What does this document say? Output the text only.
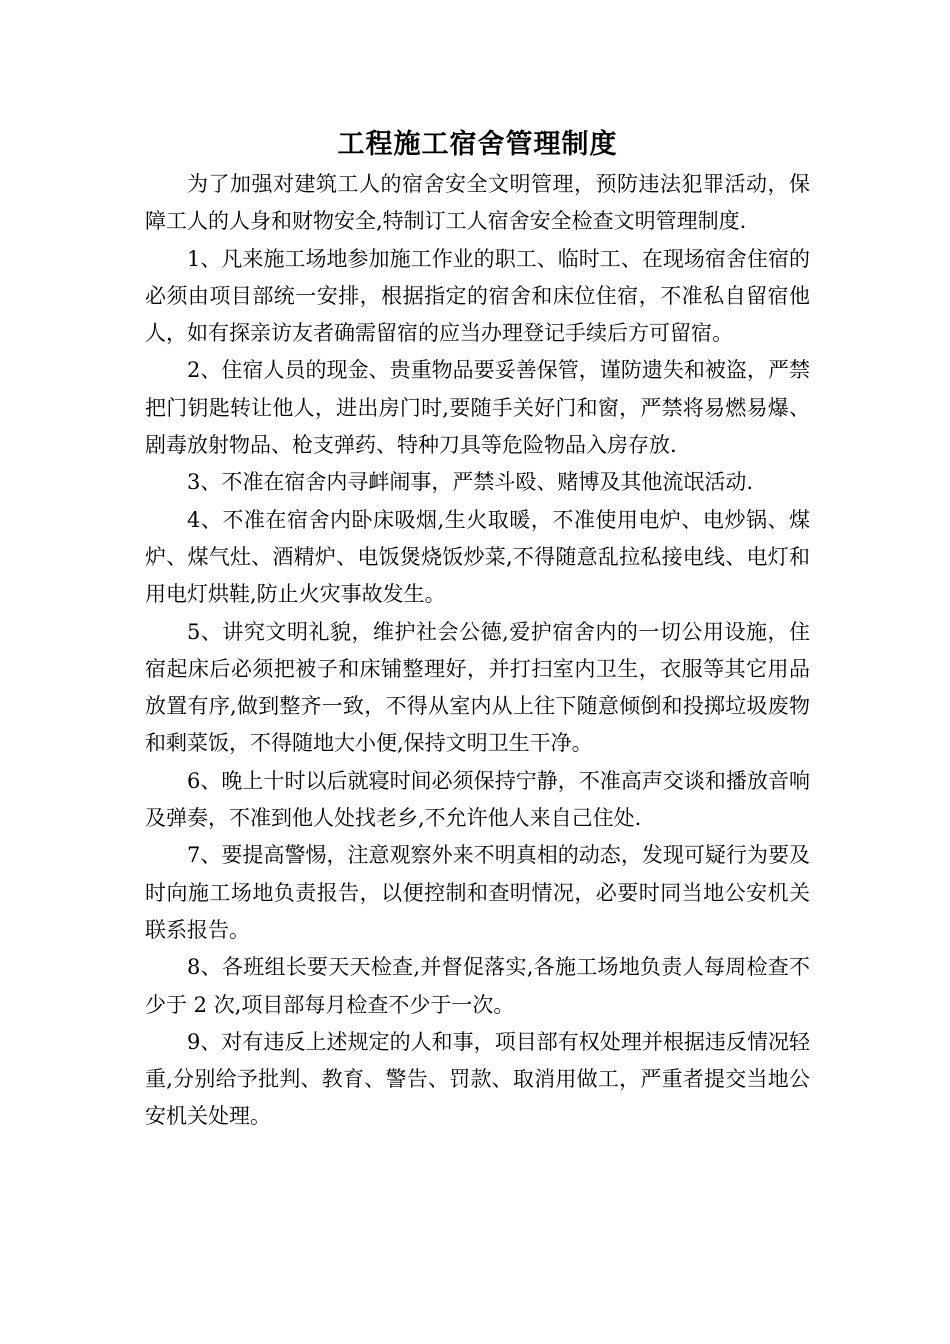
工程施工宿舍管理制度

为了加强对建筑工人的宿舍安全文明管理，预防违法犯罪活动，保障工人的人身和财物安全,特制订工人宿舍安全检查文明管理制度.

1、凡来施工场地参加施工作业的职工、临时工、在现场宿舍住宿的必须由项目部统一安排，根据指定的宿舍和床位住宿，不准私自留宿他人，如有探亲访友者确需留宿的应当办理登记手续后方可留宿。

2、住宿人员的现金、贵重物品要妥善保管，谨防遗失和被盗，严禁把门钥匙转让他人，进出房门时,要随手关好门和窗，严禁将易燃易爆、剧毒放射物品、枪支弹药、特种刀具等危险物品入房存放.

3、不准在宿舍内寻衅闹事，严禁斗殴、赌博及其他流氓活动.

4、不准在宿舍内卧床吸烟,生火取暖，不准使用电炉、电炒锅、煤炉、煤气灶、酒精炉、电饭煲烧饭炒菜,不得随意乱拉私接电线、电灯和用电灯烘鞋,防止火灾事故发生。

5、讲究文明礼貌，维护社会公德,爱护宿舍内的一切公用设施，住宿起床后必须把被子和床铺整理好，并打扫室内卫生，衣服等其它用品放置有序,做到整齐一致，不得从室内从上往下随意倾倒和投掷垃圾废物和剩菜饭，不得随地大小便,保持文明卫生干净。

6、晚上十时以后就寝时间必须保持宁静，不准高声交谈和播放音响及弹奏，不准到他人处找老乡,不允许他人来自己住处.

7、要提高警惕，注意观察外来不明真相的动态，发现可疑行为要及时向施工场地负责报告，以便控制和查明情况，必要时同当地公安机关联系报告。

8、各班组长要天天检查,并督促落实,各施工场地负责人每周检查不少于 2 次,项目部每月检查不少于一次。

9、对有违反上述规定的人和事，项目部有权处理并根据违反情况轻重,分别给予批判、教育、警告、罚款、取消用做工，严重者提交当地公安机关处理。
